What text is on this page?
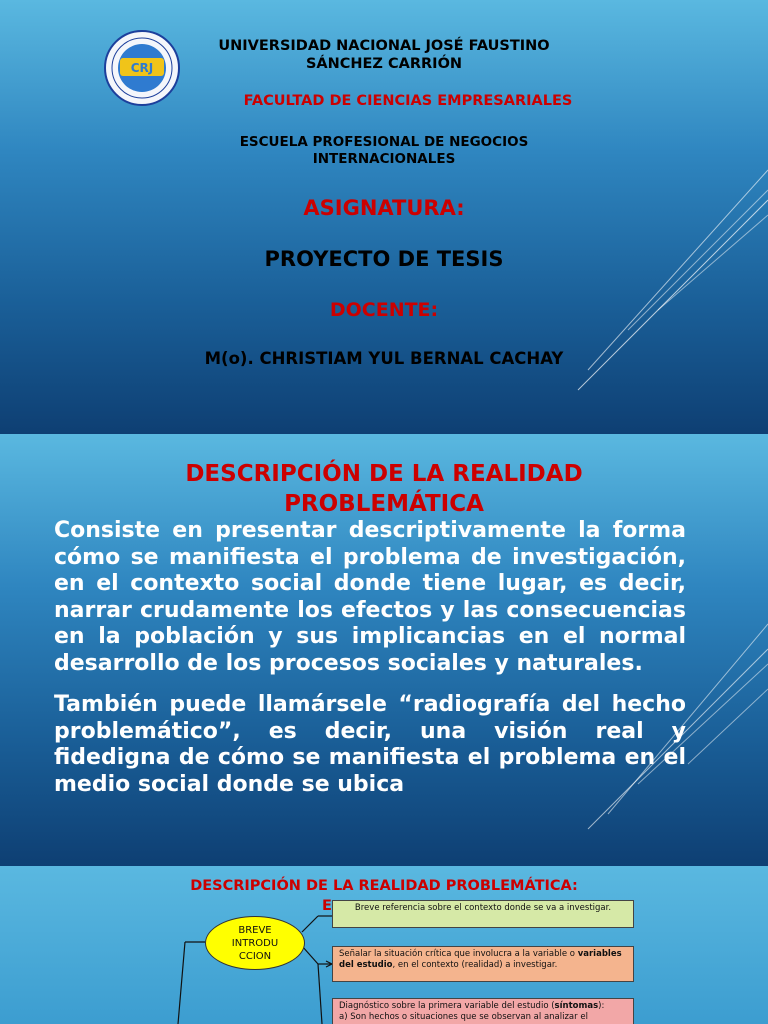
CRJ
UNIVERSIDAD NACIONAL JOSÉ FAUSTINO
SÁNCHEZ CARRIÓN
FACULTAD DE CIENCIAS EMPRESARIALES
ESCUELA PROFESIONAL DE NEGOCIOS
INTERNACIONALES
ASIGNATURA:
PROYECTO DE TESIS
DOCENTE:
M(o). CHRISTIAM YUL BERNAL CACHAY
DESCRIPCIÓN DE LA REALIDAD
PROBLEMÁTICA
Consiste en presentar descriptivamente la forma cómo se manifiesta el problema de investigación, en el contexto social donde tiene lugar, es decir, narrar crudamente los efectos y las consecuencias en la población y sus implicancias en el normal desarrollo de los procesos sociales y naturales.
También puede llamársele “radiografía del hecho problemático”, es decir, una visión real y fidedigna de cómo se manifiesta el problema en el medio social donde se ubica
DESCRIPCIÓN DE LA REALIDAD PROBLEMÁTICA:
E
BREVE INTRODU CCION
Breve referencia sobre el contexto donde se va a investigar.
Señalar la situación crítica que involucra a la variable o variables del estudio, en el contexto (realidad) a investigar.
Diagnóstico sobre la primera variable del estudio (síntomas):
a) Son hechos o situaciones que se observan al analizar el
